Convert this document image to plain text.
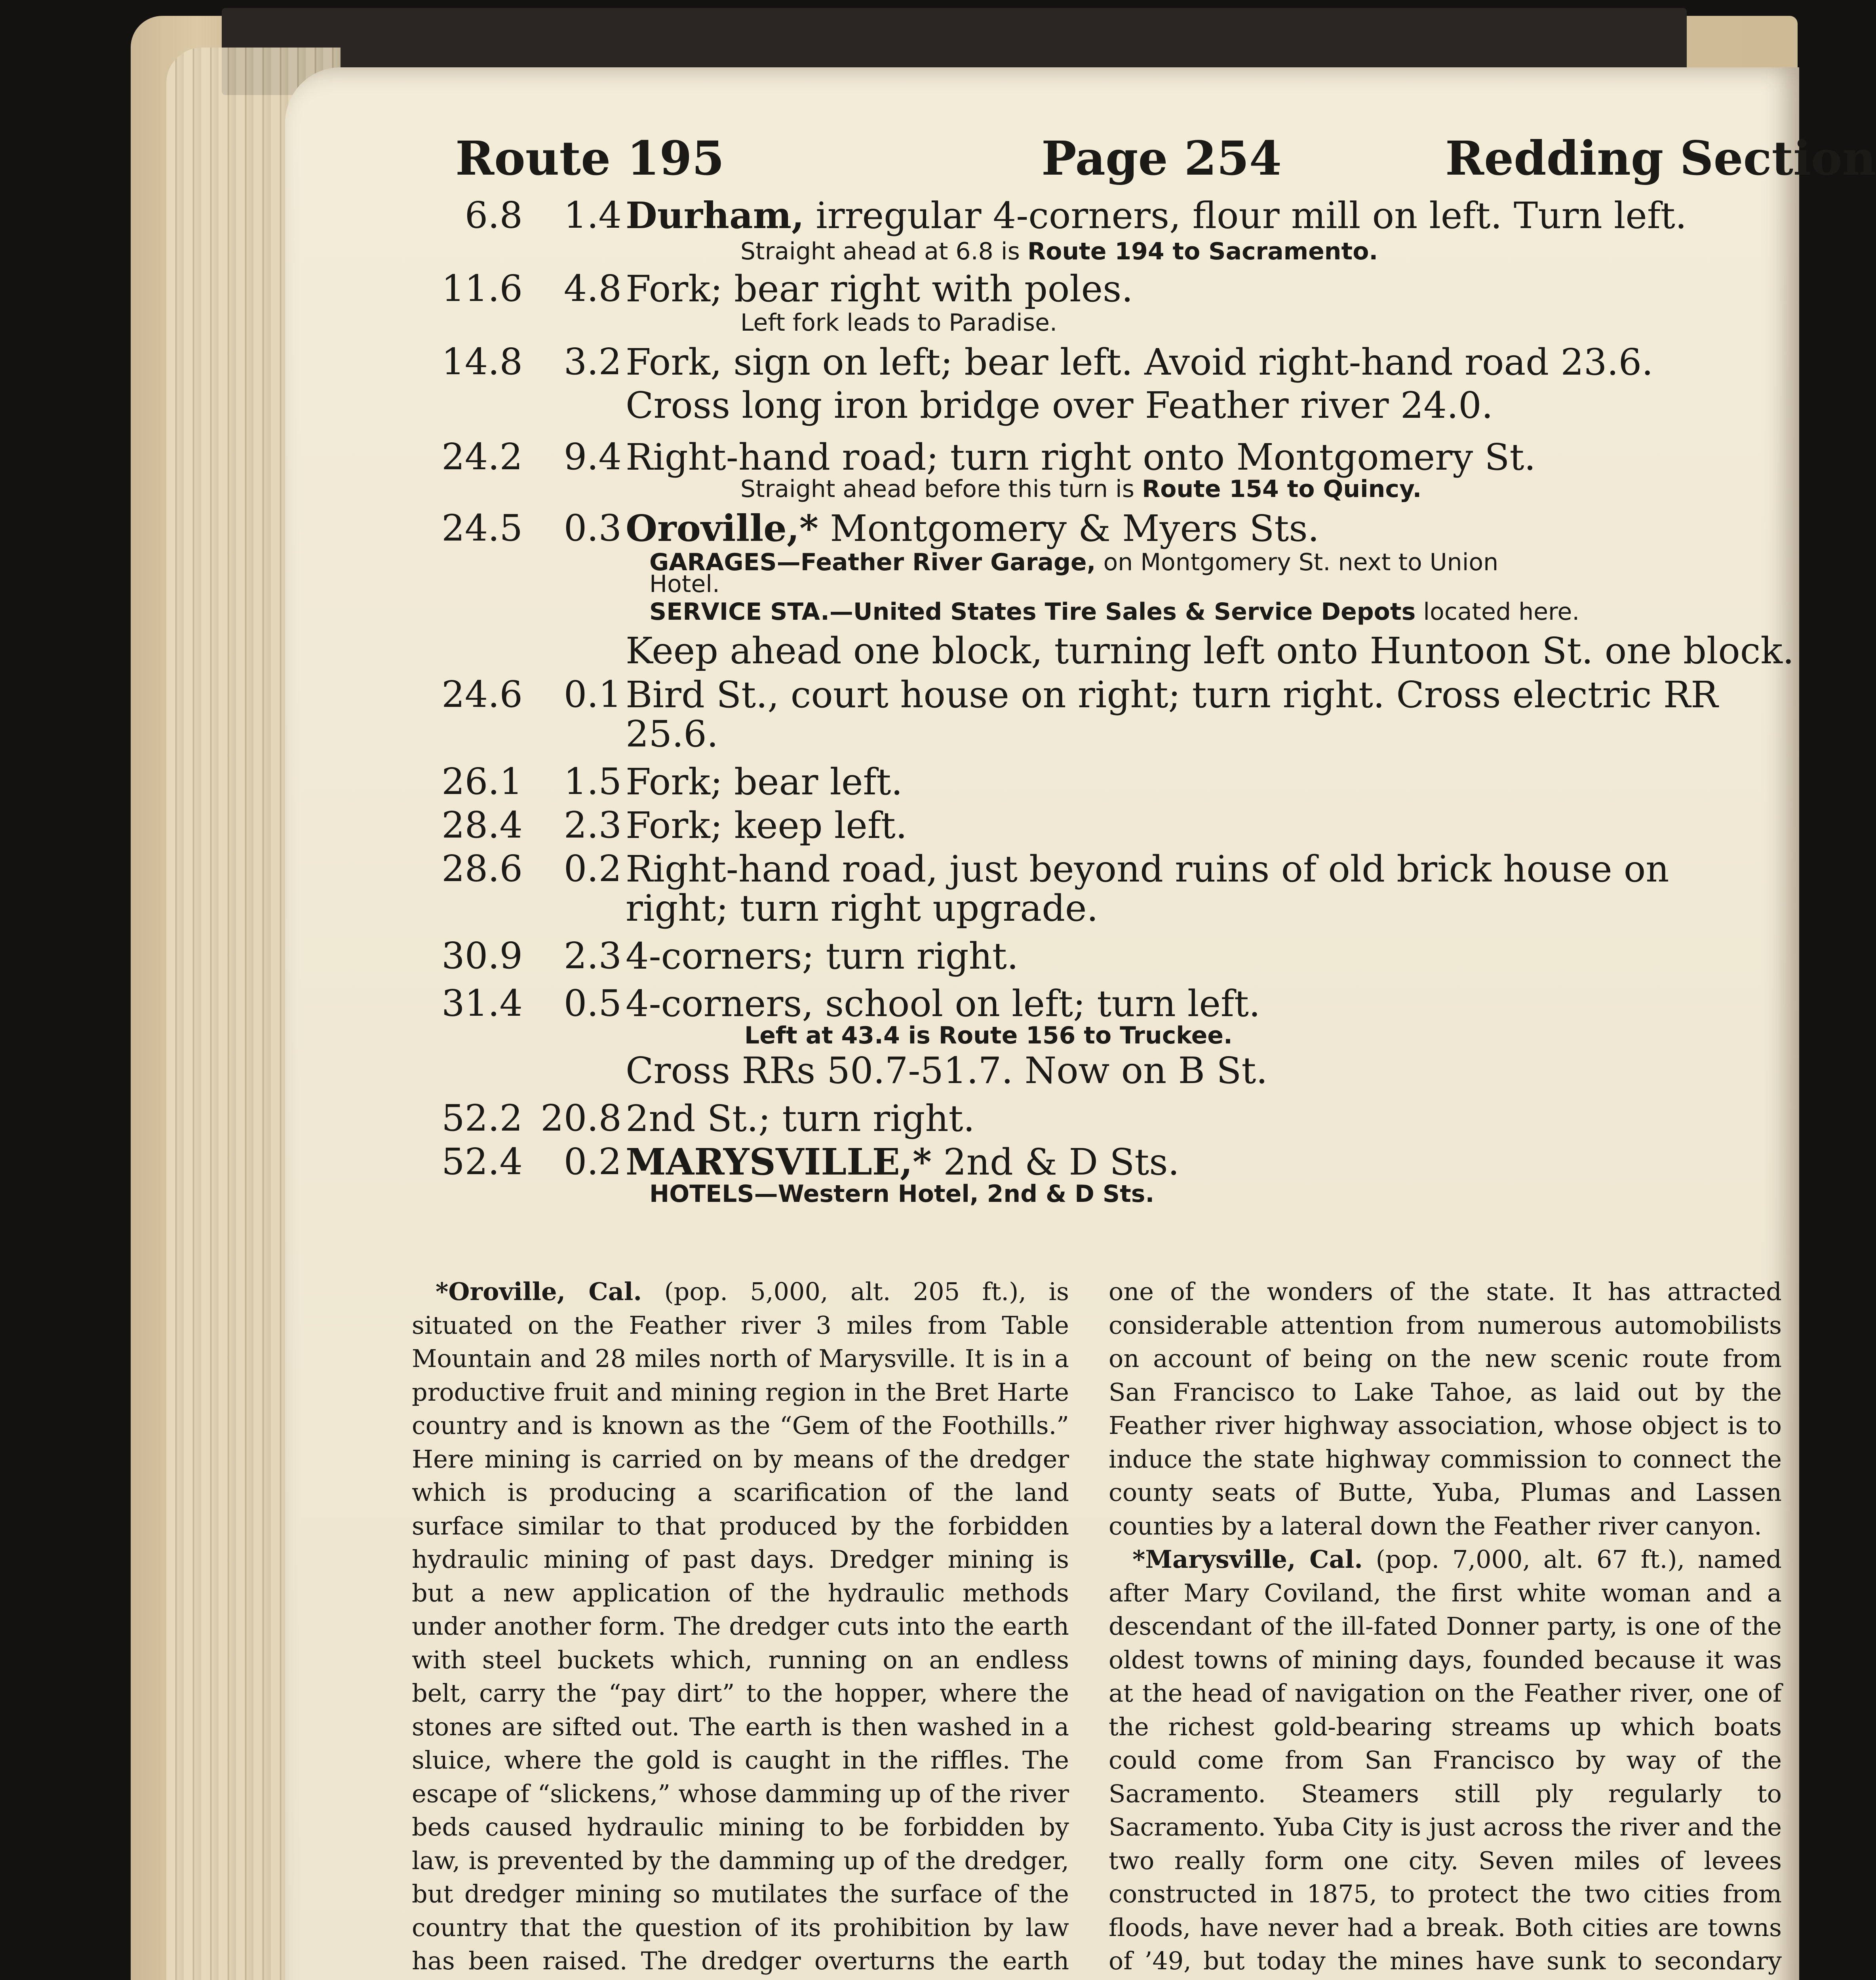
Route 195	Page 254	Redding Section
6.8	1.4 Durham, irregular 4-corners, flour mill on left. Turn left.
Straight ahead at 6.8 is Route 194 to Sacramento.
11.6	4.8 Fork; bear right with poles.
Left fork leads to Paradise.
14.8	3.2 Fork, sign on left; bear left. Avoid right-hand road 23.6.
Cross long iron bridge over Feather river 24.0.
24.2	9.4 Right-hand road; turn right onto Montgomery St.
Straight ahead before this turn is Route 154 to Quincy.
24.5	0.3 Oroville,* Montgomery & Myers Sts.
GARAGES—Feather River Garage, on Montgomery St. next to Union
Hotel.
SERVICE STA.—United States Tire Sales & Service Depots located here.
Keep ahead one block, turning left onto Huntoon St. one block.
24.6	0.1 Bird St., court house on right; turn right. Cross electric RR
25.6.
26.1	1.5 Fork; bear left.
28.4	2.3 Fork; keep left.
28.6	0.2 Right-hand road, just beyond ruins of old brick house on
right; turn right upgrade.
30.9	2.3 4-corners; turn right.
31.4	0.5 4-corners, school on left; turn left.
Left at 43.4 is Route 156 to Truckee.
Cross RRs 50.7-51.7. Now on B St.
52.2 20.8 2nd St.; turn right.
52.4	0.2 MARYSVILLE,* 2nd & D Sts.
HOTELS—Western Hotel, 2nd & D Sts.

*Oroville, Cal. (pop. 5,000, alt. 205 ft.), is situated on the Feather river 3 miles from Table Mountain and 28 miles north of Marysville. It is in a productive fruit and mining region in the Bret Harte country and is known as the “Gem of the Foothills.” Here mining is carried on by means of the dredger which is producing a scarification of the land surface similar to that produced by the forbidden hydraulic mining of past days. Dredger mining is but a new application of the hydraulic methods under another form. The dredger cuts into the earth with steel buckets which, running on an endless belt, carry the “pay dirt” to the hopper, where the stones are sifted out. The earth is then washed in a sluice, where the gold is caught in the riffles. The escape of “slickens,” whose damming up of the river beds caused hydraulic mining to be forbidden by law, is prevented by the damming up of the dredger, but dredger mining so mutilates the surface of the country that the question of its prohibition by law has been raised. The dredger overturns the earth

one of the wonders of the state. It has attracted considerable attention from numerous automobilists on account of being on the new scenic route from San Francisco to Lake Tahoe, as laid out by the Feather river highway association, whose object is to induce the state highway commission to connect the county seats of Butte, Yuba, Plumas and Lassen counties by a lateral down the Feather river canyon.

*Marysville, Cal. (pop. 7,000, alt. 67 ft.), named after Mary Coviland, the first white woman and a descendant of the ill-fated Donner party, is one of the oldest towns of mining days, founded because it was at the head of navigation on the Feather river, one of the richest gold-bearing streams up which boats could come from San Francisco by way of the Sacramento. Steamers still ply regularly to Sacramento. Yuba City is just across the river and the two really form one city. Seven miles of levees constructed in 1875, to protect the two cities from floods, have never had a break. Both cities are towns of ’49, but today the mines have sunk to secondary
